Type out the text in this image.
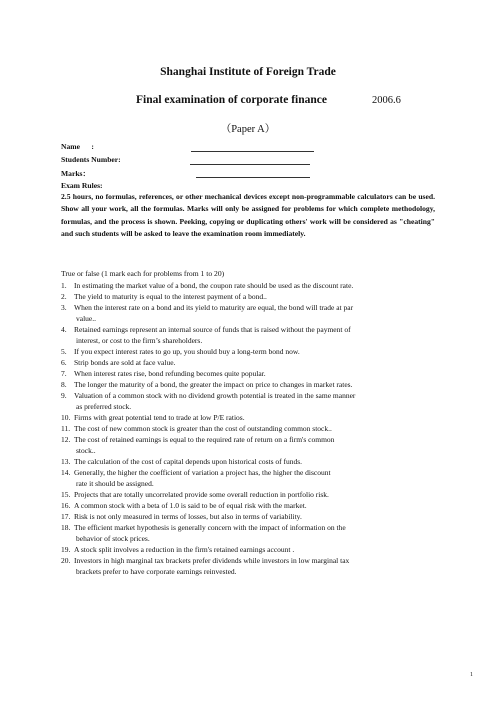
Shanghai Institute of Foreign Trade
Final examination of corporate finance	2006.6
（Paper A）
Name      :
Students Number:
Marks：
Exam Rules:
2.5 hours, no formulas, references, or other mechanical devices except non-programmable calculators can be used. Show all your work, all the formulas. Marks will only be assigned for problems for which complete methodology, formulas, and the process is shown. Peeking, copying or duplicating others' work will be considered as "cheating" and such students will be asked to leave the examination room immediately.
True or false (1 mark each for problems from 1 to 20)
1. In estimating the market value of a bond, the coupon rate should be used as the discount rate.
2. The yield to maturity is equal to the interest payment of a bond..
3. When the interest rate on a bond and its yield to maturity are equal, the bond will trade at par
value..
4. Retained earnings represent an internal source of funds that is raised without the payment of
interest, or cost to the firm’s shareholders.
5. If you expect interest rates to go up, you should buy a long-term bond now.
6. Strip bonds are sold at face value.
7. When interest rates rise, bond refunding becomes quite popular.
8. The longer the maturity of a bond, the greater the impact on price to changes in market rates.
9. Valuation of a common stock with no dividend growth potential is treated in the same manner
as preferred stock.
10. Firms with great potential tend to trade at low P/E ratios.
11. The cost of new common stock is greater than the cost of outstanding common stock..
12. The cost of retained earnings is equal to the required rate of return on a firm's common
stock..
13. The calculation of the cost of capital depends upon historical costs of funds.
14. Generally, the higher the coefficient of variation a project has, the higher the discount
rate it should be assigned.
15. Projects that are totally uncorrelated provide some overall reduction in portfolio risk.
16. A common stock with a beta of 1.0 is said to be of equal risk with the market.
17. Risk is not only measured in terms of losses, but also in terms of variability.
18. The efficient market hypothesis is generally concern with the impact of information on the
behavior of stock prices.
19. A stock split involves a reduction in the firm's retained earnings account .
20. Investors in high marginal tax brackets prefer dividends while investors in low marginal tax
brackets prefer to have corporate earnings reinvested.
1
